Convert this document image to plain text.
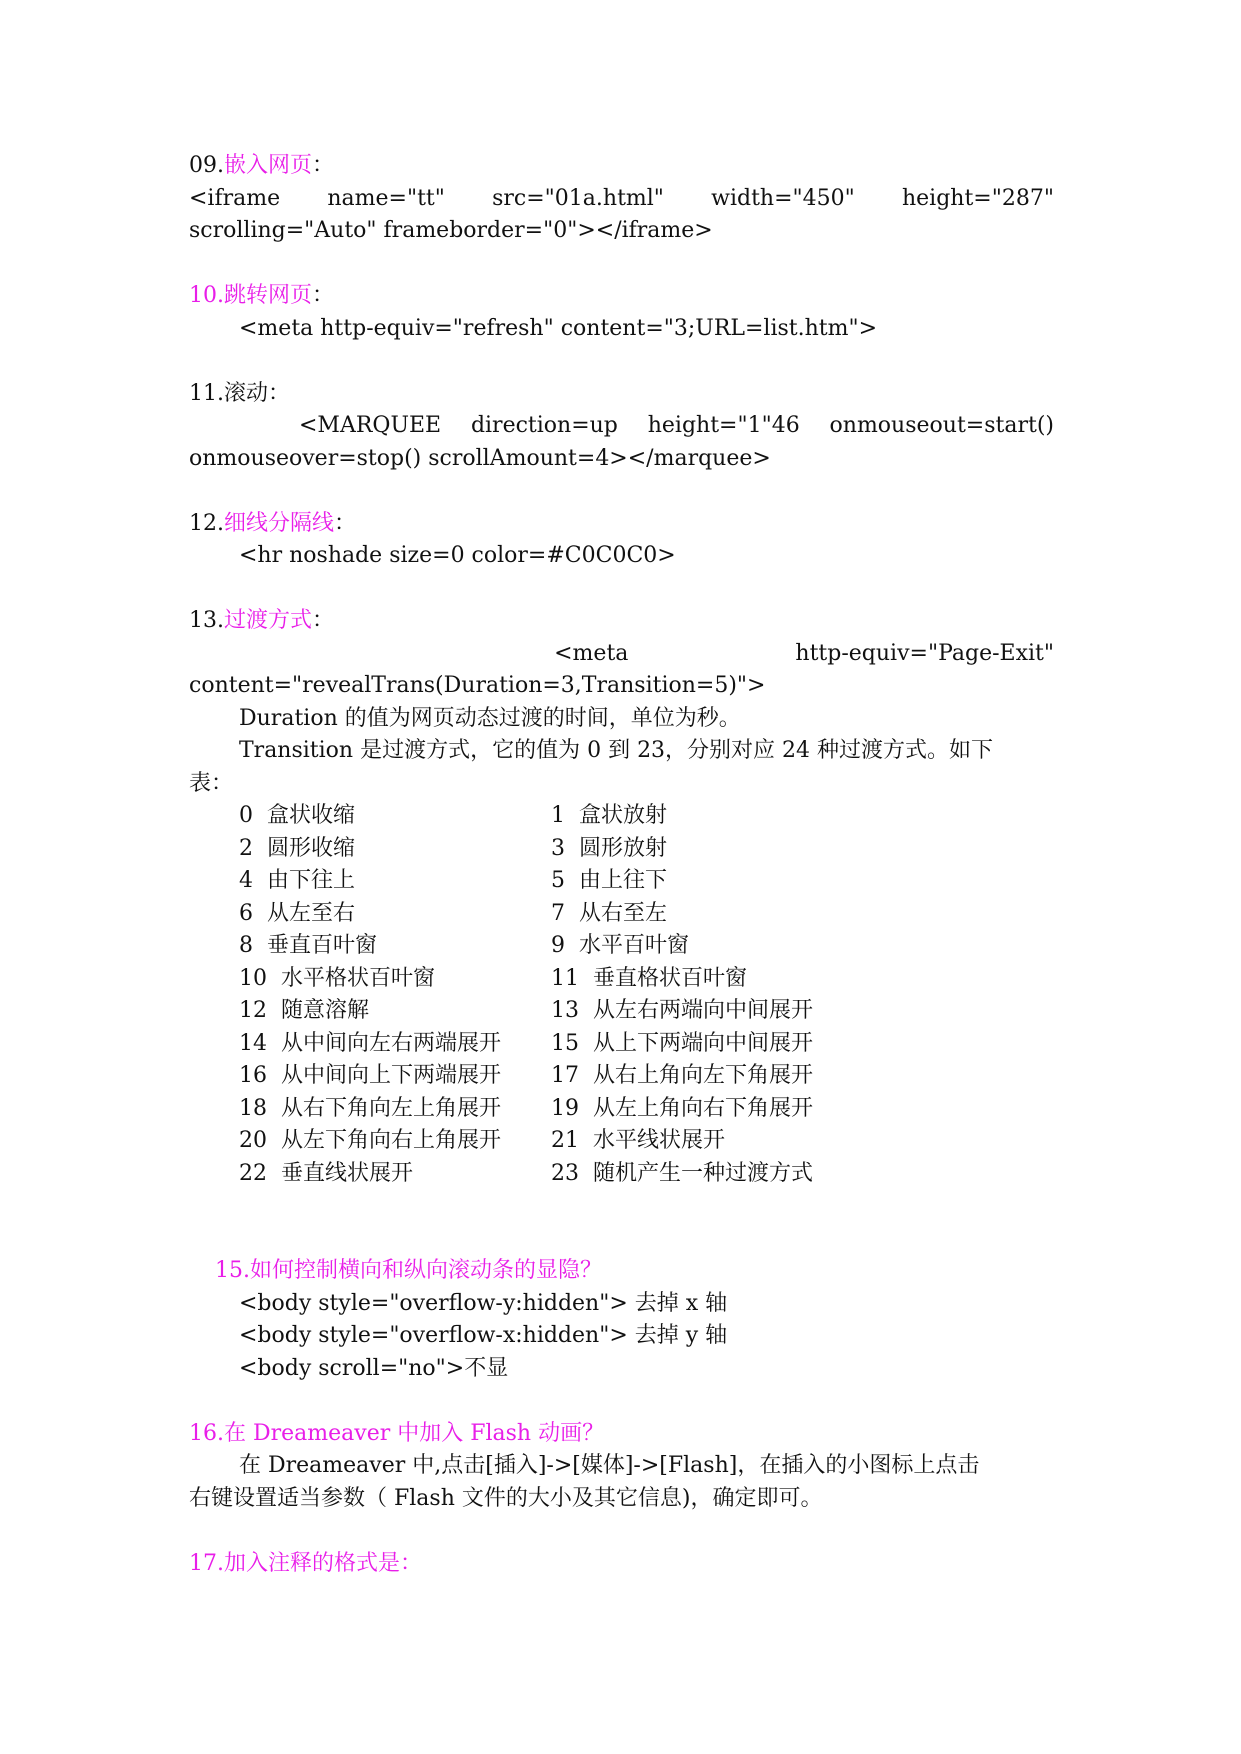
09.嵌入网页：
<iframe name="tt" src="01a.html" width="450" height="287"
scrolling="Auto" frameborder="0"></iframe>
10.跳转网页：
<meta http-equiv="refresh" content="3;URL=list.htm">
11.滚动：
<MARQUEE direction=up height="1"46 onmouseout=start()
onmouseover=stop() scrollAmount=4></marquee>
12.细线分隔线：
<hr noshade size=0 color=#C0C0C0>
13.过渡方式：
<meta	http-equiv="Page-Exit"
content="revealTrans(Duration=3,Transition=5)">
Duration 的值为网页动态过渡的时间，单位为秒。
Transition 是过渡方式，它的值为 0 到 23，分别对应 24 种过渡方式。如下
表：
0  盒状收缩	1  盒状放射
2  圆形收缩	3  圆形放射
4  由下往上	5  由上往下
6  从左至右	7  从右至左
8  垂直百叶窗	9  水平百叶窗
10  水平格状百叶窗	11  垂直格状百叶窗
12  随意溶解	13  从左右两端向中间展开
14  从中间向左右两端展开	15  从上下两端向中间展开
16  从中间向上下两端展开	17  从右上角向左下角展开
18  从右下角向左上角展开	19  从左上角向右下角展开
20  从左下角向右上角展开	21  水平线状展开
22  垂直线状展开	23  随机产生一种过渡方式
15.如何控制横向和纵向滚动条的显隐？
<body style="overflow-y:hidden"> 去掉 x 轴
<body style="overflow-x:hidden"> 去掉 y 轴
<body scroll="no">不显
16.在 Dreameaver 中加入 Flash 动画？
在 Dreameaver 中,点击[插入]->[媒体]->[Flash]，在插入的小图标上点击
右键设置适当参数（ Flash 文件的大小及其它信息)，确定即可。
17.加入注释的格式是：
